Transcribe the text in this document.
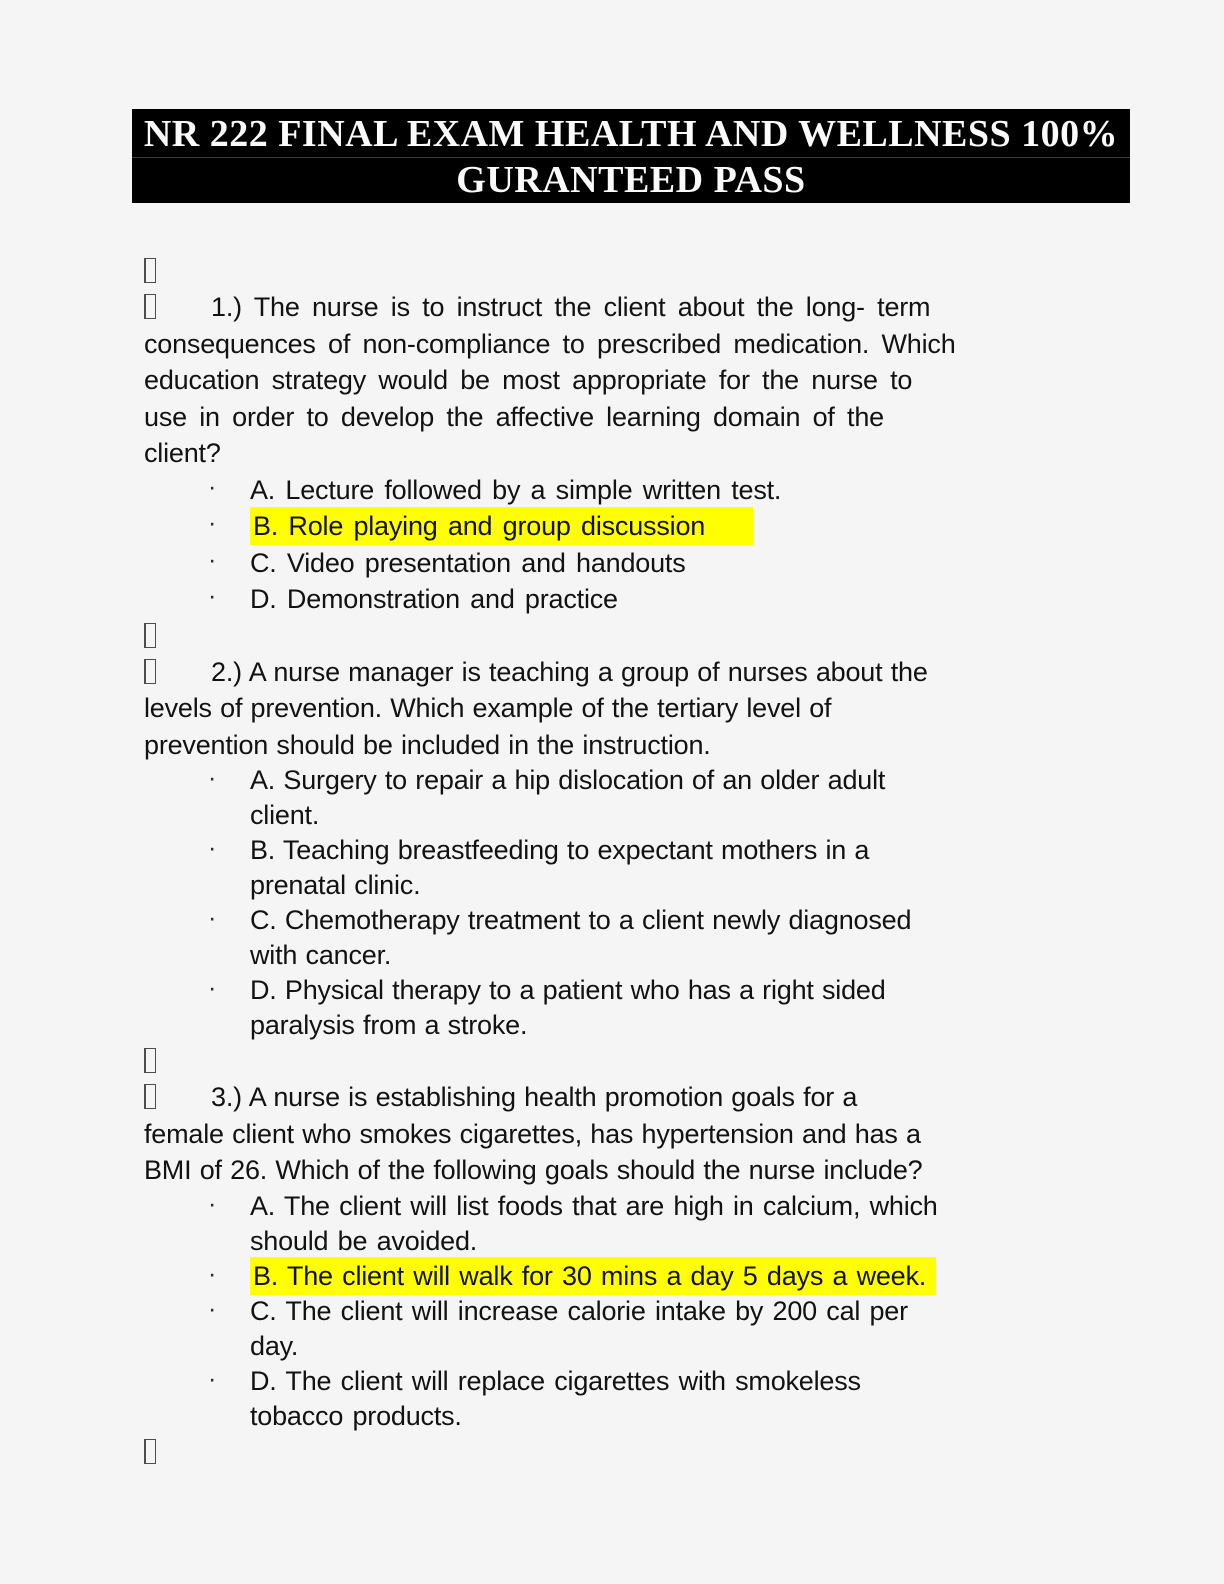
NR 222 FINAL EXAM HEALTH AND WELLNESS 100%
GURANTEED PASS
1.) The nurse is to instruct the client about the long- term
consequences of non-compliance to prescribed medication. Which
education strategy would be most appropriate for the nurse to
use in order to develop the affective learning domain of the
client?
· A. Lecture followed by a simple written test.
· B. Role playing and group discussion
· C. Video presentation and handouts
· D. Demonstration and practice
2.) A nurse manager is teaching a group of nurses about the
levels of prevention. Which example of the tertiary level of
prevention should be included in the instruction.
· A. Surgery to repair a hip dislocation of an older adult
client.
· B. Teaching breastfeeding to expectant mothers in a
prenatal clinic.
· C. Chemotherapy treatment to a client newly diagnosed
with cancer.
· D. Physical therapy to a patient who has a right sided
paralysis from a stroke.
3.) A nurse is establishing health promotion goals for a
female client who smokes cigarettes, has hypertension and has a
BMI of 26. Which of the following goals should the nurse include?
· A. The client will list foods that are high in calcium, which
should be avoided.
· B. The client will walk for 30 mins a day 5 days a week.
· C. The client will increase calorie intake by 200 cal per
day.
· D. The client will replace cigarettes with smokeless
tobacco products.
